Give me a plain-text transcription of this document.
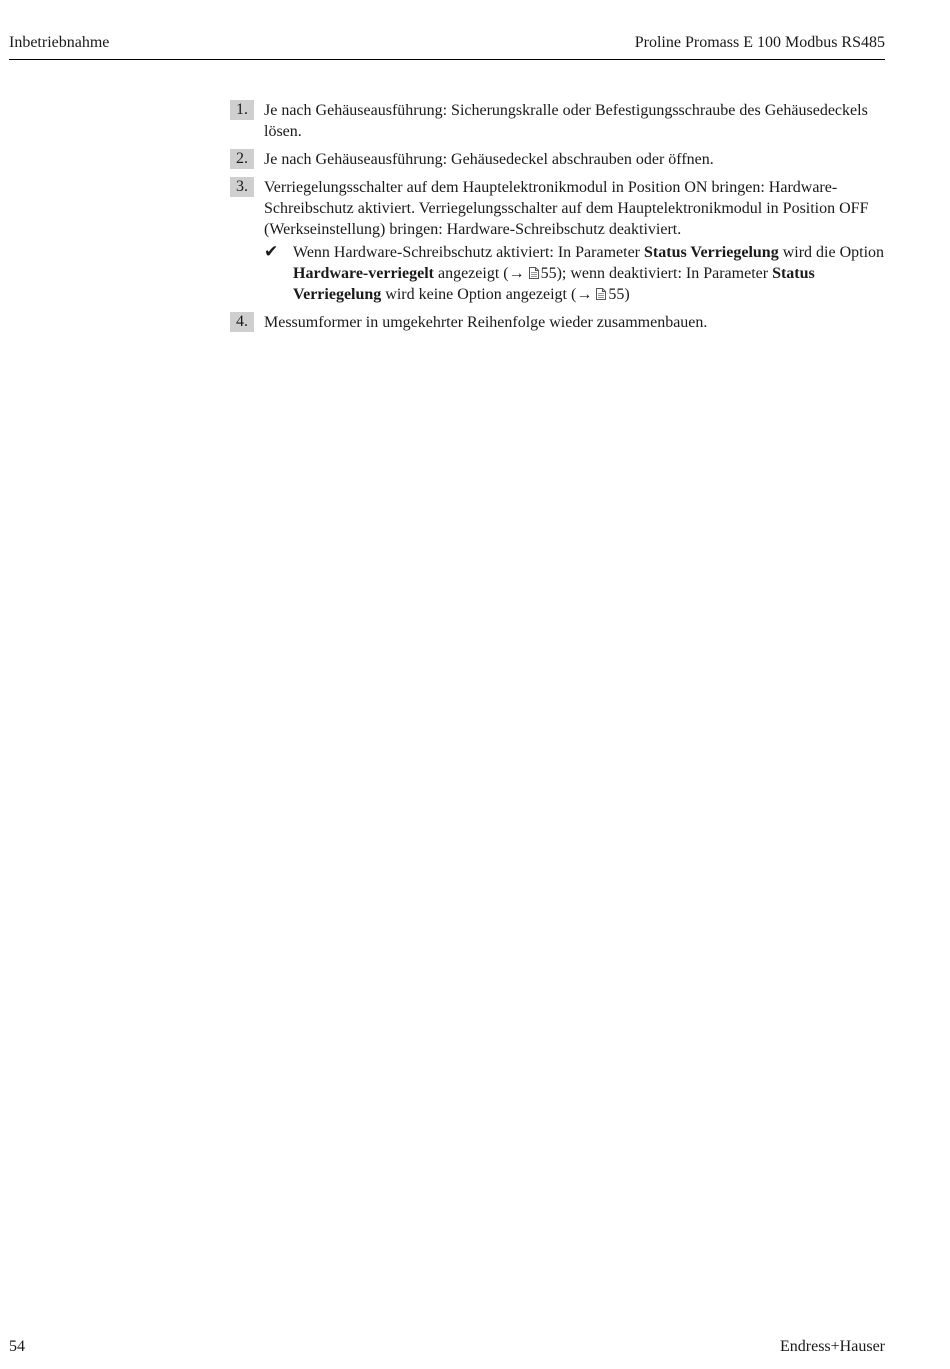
Inbetriebnahme	Proline Promass E 100 Modbus RS485
1.	Je nach Gehäuseausführung: Sicherungskralle oder Befestigungsschraube des Gehäusedeckels lösen.
2.	Je nach Gehäuseausführung: Gehäusedeckel abschrauben oder öffnen.
3.	Verriegelungsschalter auf dem Hauptelektronikmodul in Position ON bringen: Hardware-Schreibschutz aktiviert. Verriegelungsschalter auf dem Hauptelektronikmodul in Position OFF (Werkseinstellung) bringen: Hardware-Schreibschutz deaktiviert.
✔ Wenn Hardware-Schreibschutz aktiviert: In Parameter Status Verriegelung wird die Option Hardware-verriegelt angezeigt (→ 55); wenn deaktiviert: In Parameter Status Verriegelung wird keine Option angezeigt (→ 55)
4.	Messumformer in umgekehrter Reihenfolge wieder zusammenbauen.
54	Endress+Hauser
